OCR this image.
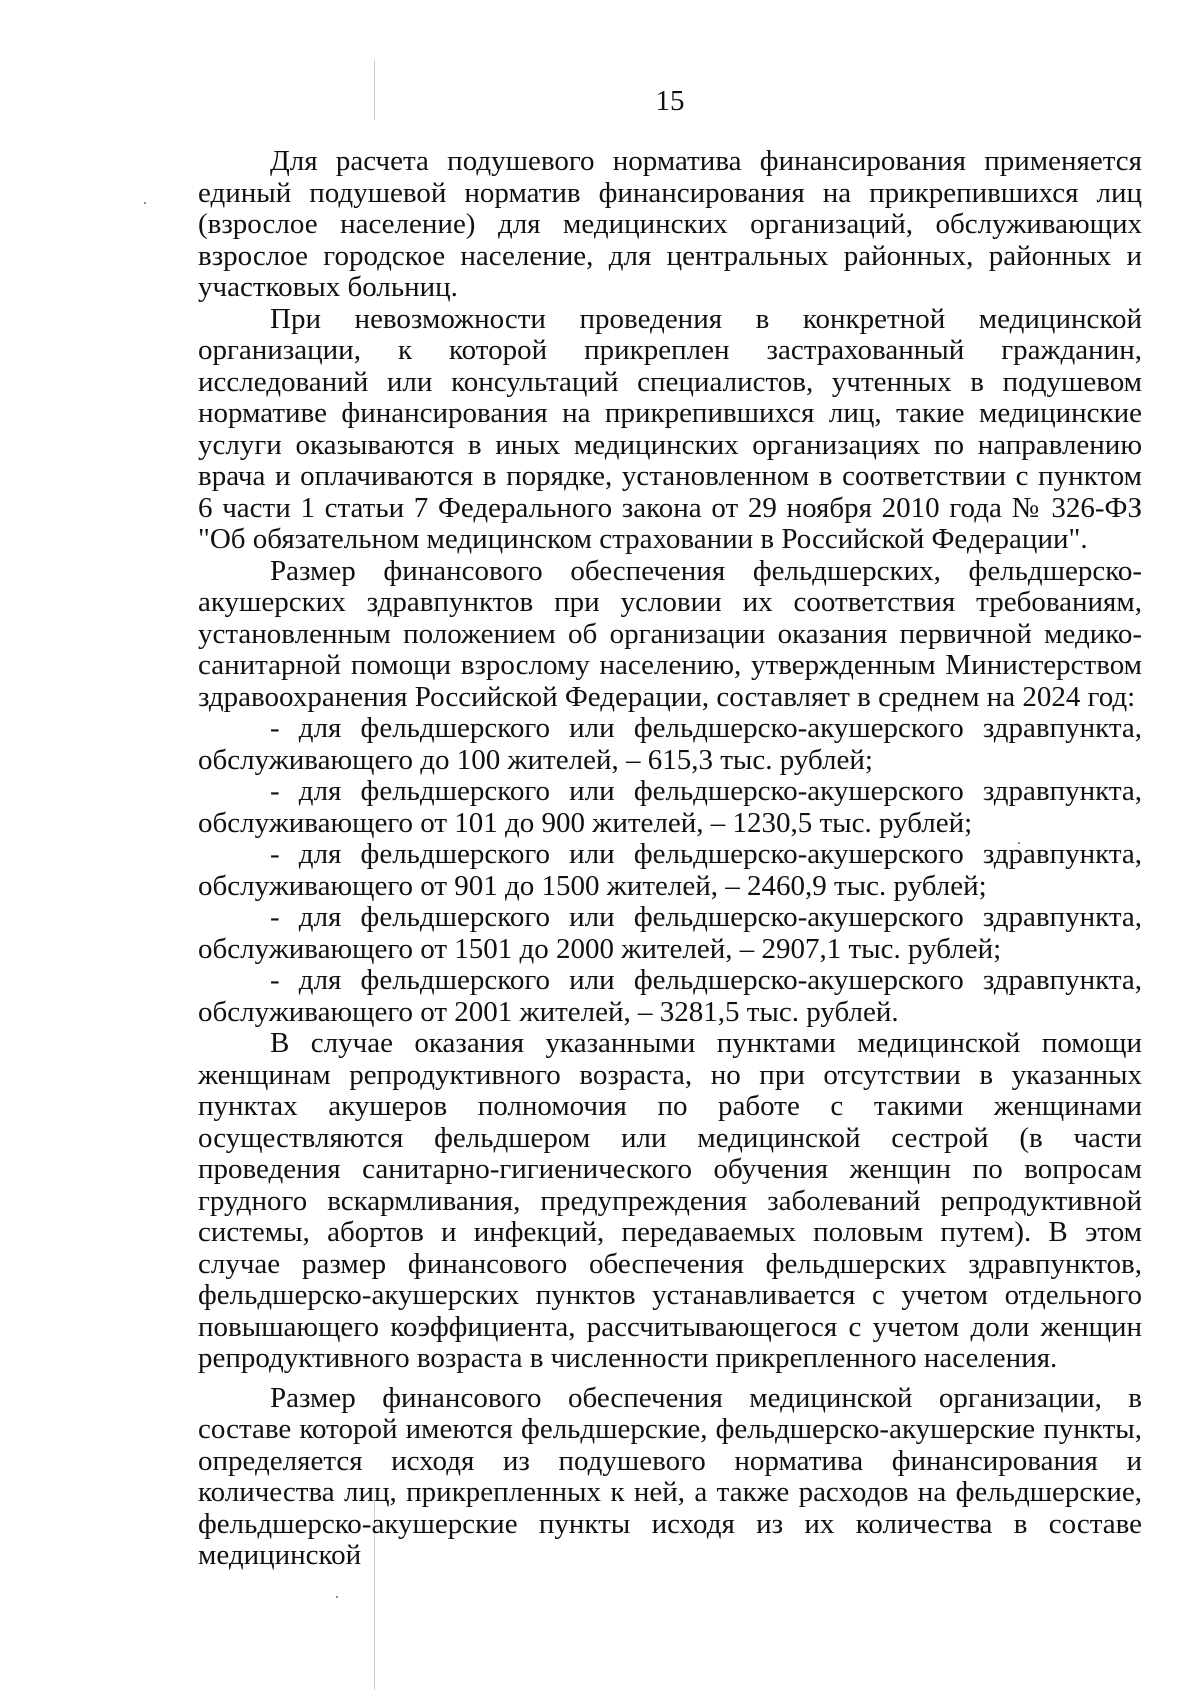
15

Для расчета подушевого норматива финансирования применяется единый подушевой норматив финансирования на прикрепившихся лиц (взрослое население) для медицинских организаций, обслуживающих взрослое городское население, для центральных районных, районных и участковых больниц.

При невозможности проведения в конкретной медицинской организации, к которой прикреплен застрахованный гражданин, исследований или консультаций специалистов, учтенных в подушевом нормативе финансирования на прикрепившихся лиц, такие медицинские услуги оказываются в иных медицинских организациях по направлению врача и оплачиваются в порядке, установленном в соответствии с пунктом 6 части 1 статьи 7 Федерального закона от 29 ноября 2010 года № 326-ФЗ "Об обязательном медицинском страховании в Российской Федерации".

Размер финансового обеспечения фельдшерских, фельдшерско-акушерских здравпунктов при условии их соответствия требованиям, установленным положением об организации оказания первичной медико-санитарной помощи взрослому населению, утвержденным Министерством здравоохранения Российской Федерации, составляет в среднем на 2024 год:

- для фельдшерского или фельдшерско-акушерского здравпункта, обслуживающего до 100 жителей, – 615,3 тыс. рублей;

- для фельдшерского или фельдшерско-акушерского здравпункта, обслуживающего от 101 до 900 жителей, – 1230,5 тыс. рублей;

- для фельдшерского или фельдшерско-акушерского здравпункта, обслуживающего от 901 до 1500 жителей, – 2460,9 тыс. рублей;

- для фельдшерского или фельдшерско-акушерского здравпункта, обслуживающего от 1501 до 2000 жителей, – 2907,1 тыс. рублей;

- для фельдшерского или фельдшерско-акушерского здравпункта, обслуживающего от 2001 жителей, – 3281,5 тыс. рублей.

В случае оказания указанными пунктами медицинской помощи женщинам репродуктивного возраста, но при отсутствии в указанных пунктах акушеров полномочия по работе с такими женщинами осуществляются фельдшером или медицинской сестрой (в части проведения санитарно-гигиенического обучения женщин по вопросам грудного вскармливания, предупреждения заболеваний репродуктивной системы, абортов и инфекций, передаваемых половым путем). В этом случае размер финансового обеспечения фельдшерских здравпунктов, фельдшерско-акушерских пунктов устанавливается с учетом отдельного повышающего коэффициента, рассчитывающегося с учетом доли женщин репродуктивного возраста в численности прикрепленного населения.

Размер финансового обеспечения медицинской организации, в составе которой имеются фельдшерские, фельдшерско-акушерские пункты, определяется исходя из подушевого норматива финансирования и количества лиц, прикрепленных к ней, а также расходов на фельдшерские, фельдшерско-акушерские пункты исходя из их количества в составе медицинской
